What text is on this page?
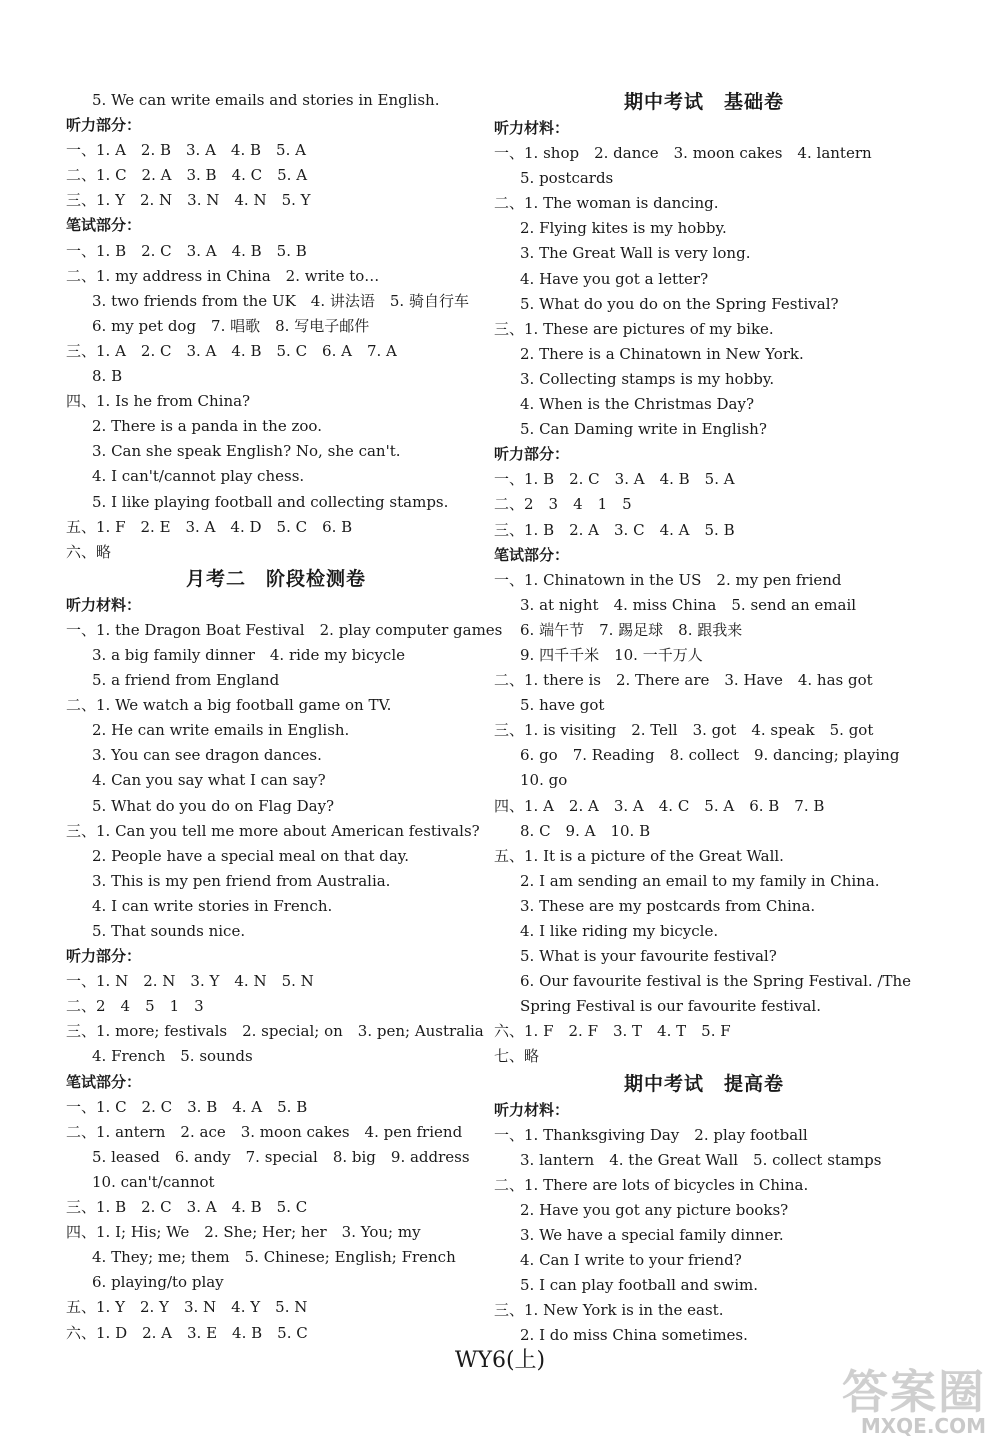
5. We can write emails and stories in English.
听力部分：
一、1. A　2. B　3. A　4. B　5. A
二、1. C　2. A　3. B　4. C　5. A
三、1. Y　2. N　3. N　4. N　5. Y
笔试部分：
一、1. B　2. C　3. A　4. B　5. B
二、1. my address in China　2. write to…
3. two friends from the UK　4. 讲法语　5. 骑自行车
6. my pet dog　7. 唱歌　8. 写电子邮件
三、1. A　2. C　3. A　4. B　5. C　6. A　7. A
8. B
四、1. Is he from China?
2. There is a panda in the zoo.
3. Can she speak English? No, she can't.
4. I can't/cannot play chess.
5. I like playing football and collecting stamps.
五、1. F　2. E　3. A　4. D　5. C　6. B
六、略
月考二　阶段检测卷
听力材料：
一、1. the Dragon Boat Festival　2. play computer games
3. a big family dinner　4. ride my bicycle
5. a friend from England
二、1. We watch a big football game on TV.
2. He can write emails in English.
3. You can see dragon dances.
4. Can you say what I can say?
5. What do you do on Flag Day?
三、1. Can you tell me more about American festivals?
2. People have a special meal on that day.
3. This is my pen friend from Australia.
4. I can write stories in French.
5. That sounds nice.
听力部分：
一、1. N　2. N　3. Y　4. N　5. N
二、2　4　5　1　3
三、1. more; festivals　2. special; on　3. pen; Australia
4. French　5. sounds
笔试部分：
一、1. C　2. C　3. B　4. A　5. B
二、1. antern　2. ace　3. moon cakes　4. pen friend
5. leased　6. andy　7. special　8. big　9. address
10. can't/cannot
三、1. B　2. C　3. A　4. B　5. C
四、1. I; His; We　2. She; Her; her　3. You; my
4. They; me; them　5. Chinese; English; French
6. playing/to play
五、1. Y　2. Y　3. N　4. Y　5. N
六、1. D　2. A　3. E　4. B　5. C
期中考试　基础卷
听力材料：
一、1. shop　2. dance　3. moon cakes　4. lantern
5. postcards
二、1. The woman is dancing.
2. Flying kites is my hobby.
3. The Great Wall is very long.
4. Have you got a letter?
5. What do you do on the Spring Festival?
三、1. These are pictures of my bike.
2. There is a Chinatown in New York.
3. Collecting stamps is my hobby.
4. When is the Christmas Day?
5. Can Daming write in English?
听力部分：
一、1. B　2. C　3. A　4. B　5. A
二、2　3　4　1　5
三、1. B　2. A　3. C　4. A　5. B
笔试部分：
一、1. Chinatown in the US　2. my pen friend
3. at night　4. miss China　5. send an email
6. 端午节　7. 踢足球　8. 跟我来
9. 四千千米　10. 一千万人
二、1. there is　2. There are　3. Have　4. has got
5. have got
三、1. is visiting　2. Tell　3. got　4. speak　5. got
6. go　7. Reading　8. collect　9. dancing; playing
10. go
四、1. A　2. A　3. A　4. C　5. A　6. B　7. B
8. C　9. A　10. B
五、1. It is a picture of the Great Wall.
2. I am sending an email to my family in China.
3. These are my postcards from China.
4. I like riding my bicycle.
5. What is your favourite festival?
6. Our favourite festival is the Spring Festival. /The
Spring Festival is our favourite festival.
六、1. F　2. F　3. T　4. T　5. F
七、略
期中考试　提高卷
听力材料：
一、1. Thanksgiving Day　2. play football
3. lantern　4. the Great Wall　5. collect stamps
二、1. There are lots of bicycles in China.
2. Have you got any picture books?
3. We have a special family dinner.
4. Can I write to your friend?
5. I can play football and swim.
三、1. New York is in the east.
2. I do miss China sometimes.
WY6(上)
答案圈
MXQE.COM
